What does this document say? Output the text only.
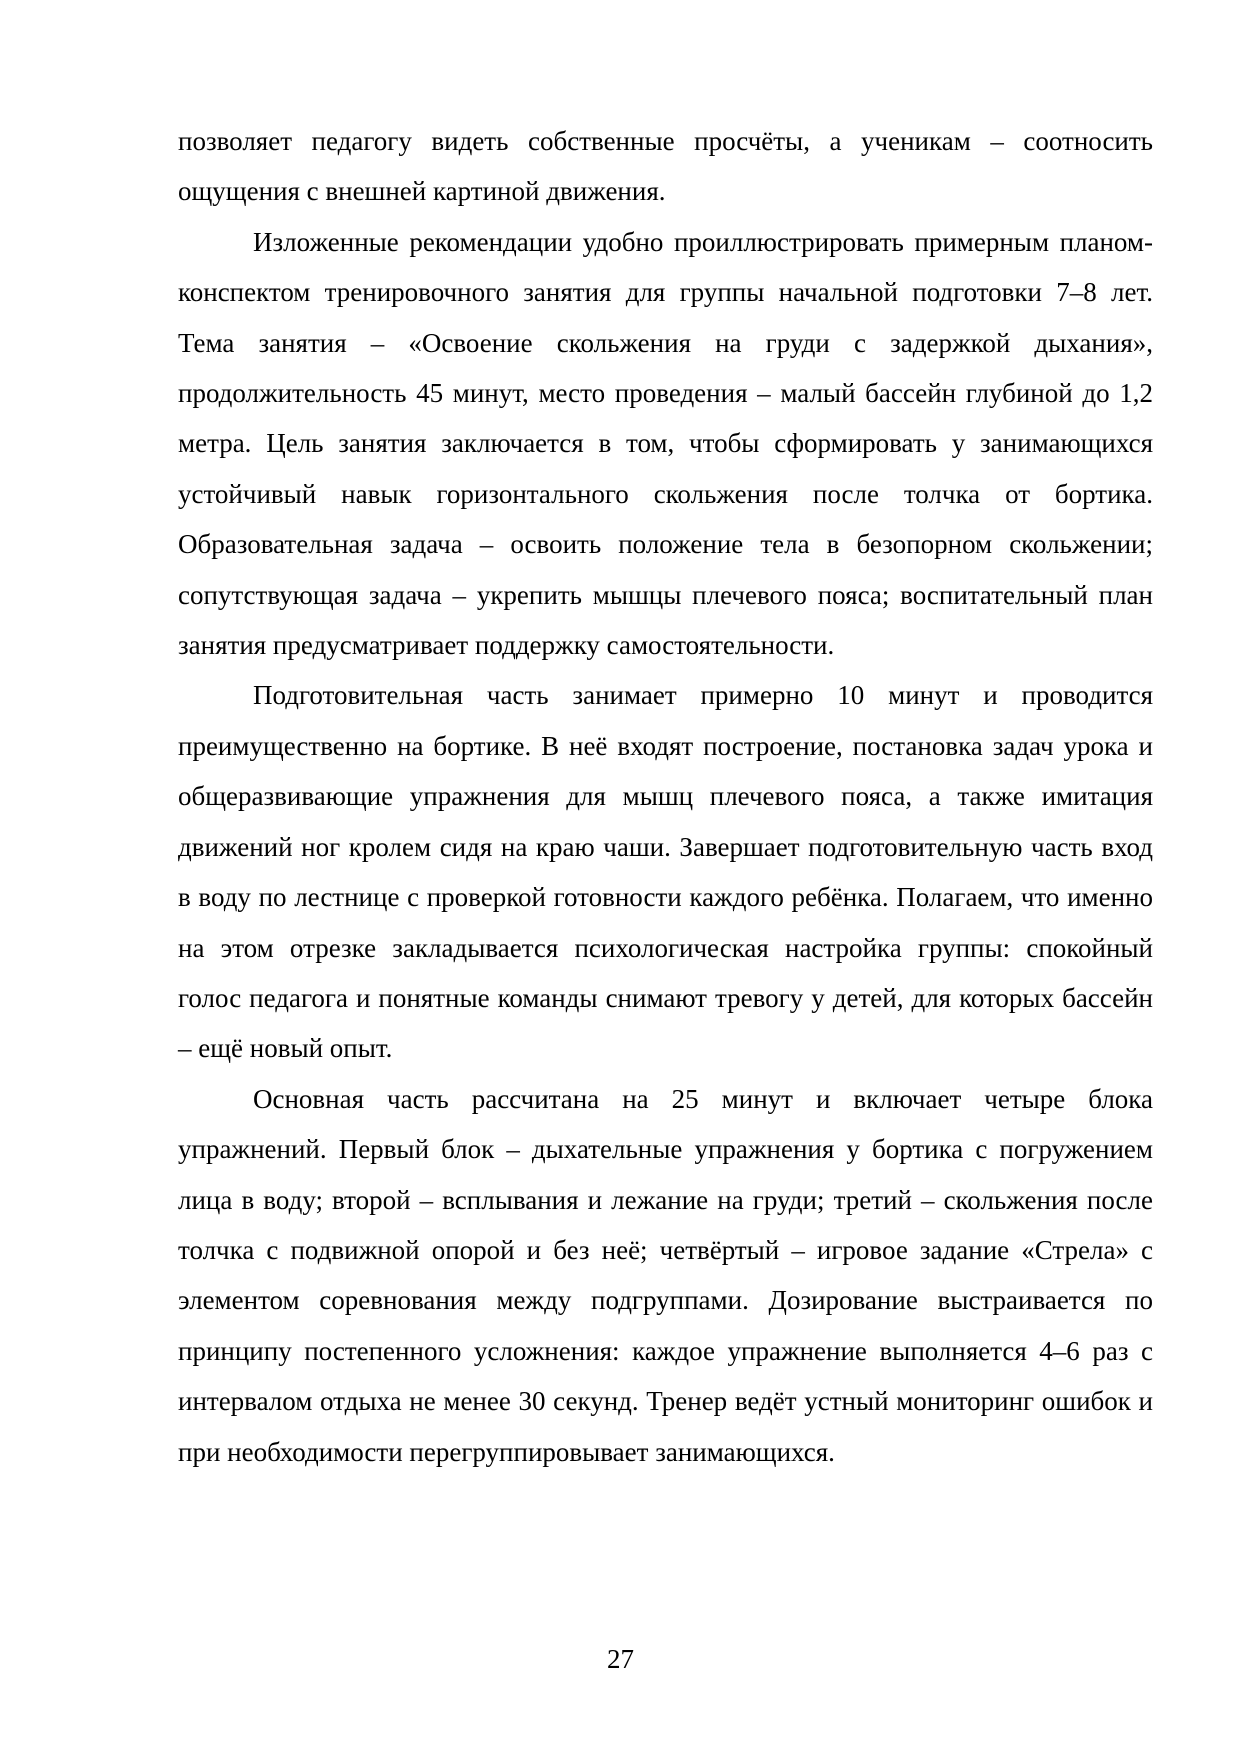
позволяет педагогу видеть собственные просчёты, а ученикам – соотносить ощущения с внешней картиной движения.

Изложенные рекомендации удобно проиллюстрировать примерным планом-конспектом тренировочного занятия для группы начальной подготовки 7–8 лет. Тема занятия – «Освоение скольжения на груди с задержкой дыхания», продолжительность 45 минут, место проведения – малый бассейн глубиной до 1,2 метра. Цель занятия заключается в том, чтобы сформировать у занимающихся устойчивый навык горизонтального скольжения после толчка от бортика. Образовательная задача – освоить положение тела в безопорном скольжении; сопутствующая задача – укрепить мышцы плечевого пояса; воспитательный план занятия предусматривает поддержку самостоятельности.

Подготовительная часть занимает примерно 10 минут и проводится преимущественно на бортике. В неё входят построение, постановка задач урока и общеразвивающие упражнения для мышц плечевого пояса, а также имитация движений ног кролем сидя на краю чаши. Завершает подготовительную часть вход в воду по лестнице с проверкой готовности каждого ребёнка. Полагаем, что именно на этом отрезке закладывается психологическая настройка группы: спокойный голос педагога и понятные команды снимают тревогу у детей, для которых бассейн – ещё новый опыт.

Основная часть рассчитана на 25 минут и включает четыре блока упражнений. Первый блок – дыхательные упражнения у бортика с погружением лица в воду; второй – всплывания и лежание на груди; третий – скольжения после толчка с подвижной опорой и без неё; четвёртый – игровое задание «Стрела» с элементом соревнования между подгруппами. Дозирование выстраивается по принципу постепенного усложнения: каждое упражнение выполняется 4–6 раз с интервалом отдыха не менее 30 секунд. Тренер ведёт устный мониторинг ошибок и при необходимости перегруппировывает занимающихся.

27
